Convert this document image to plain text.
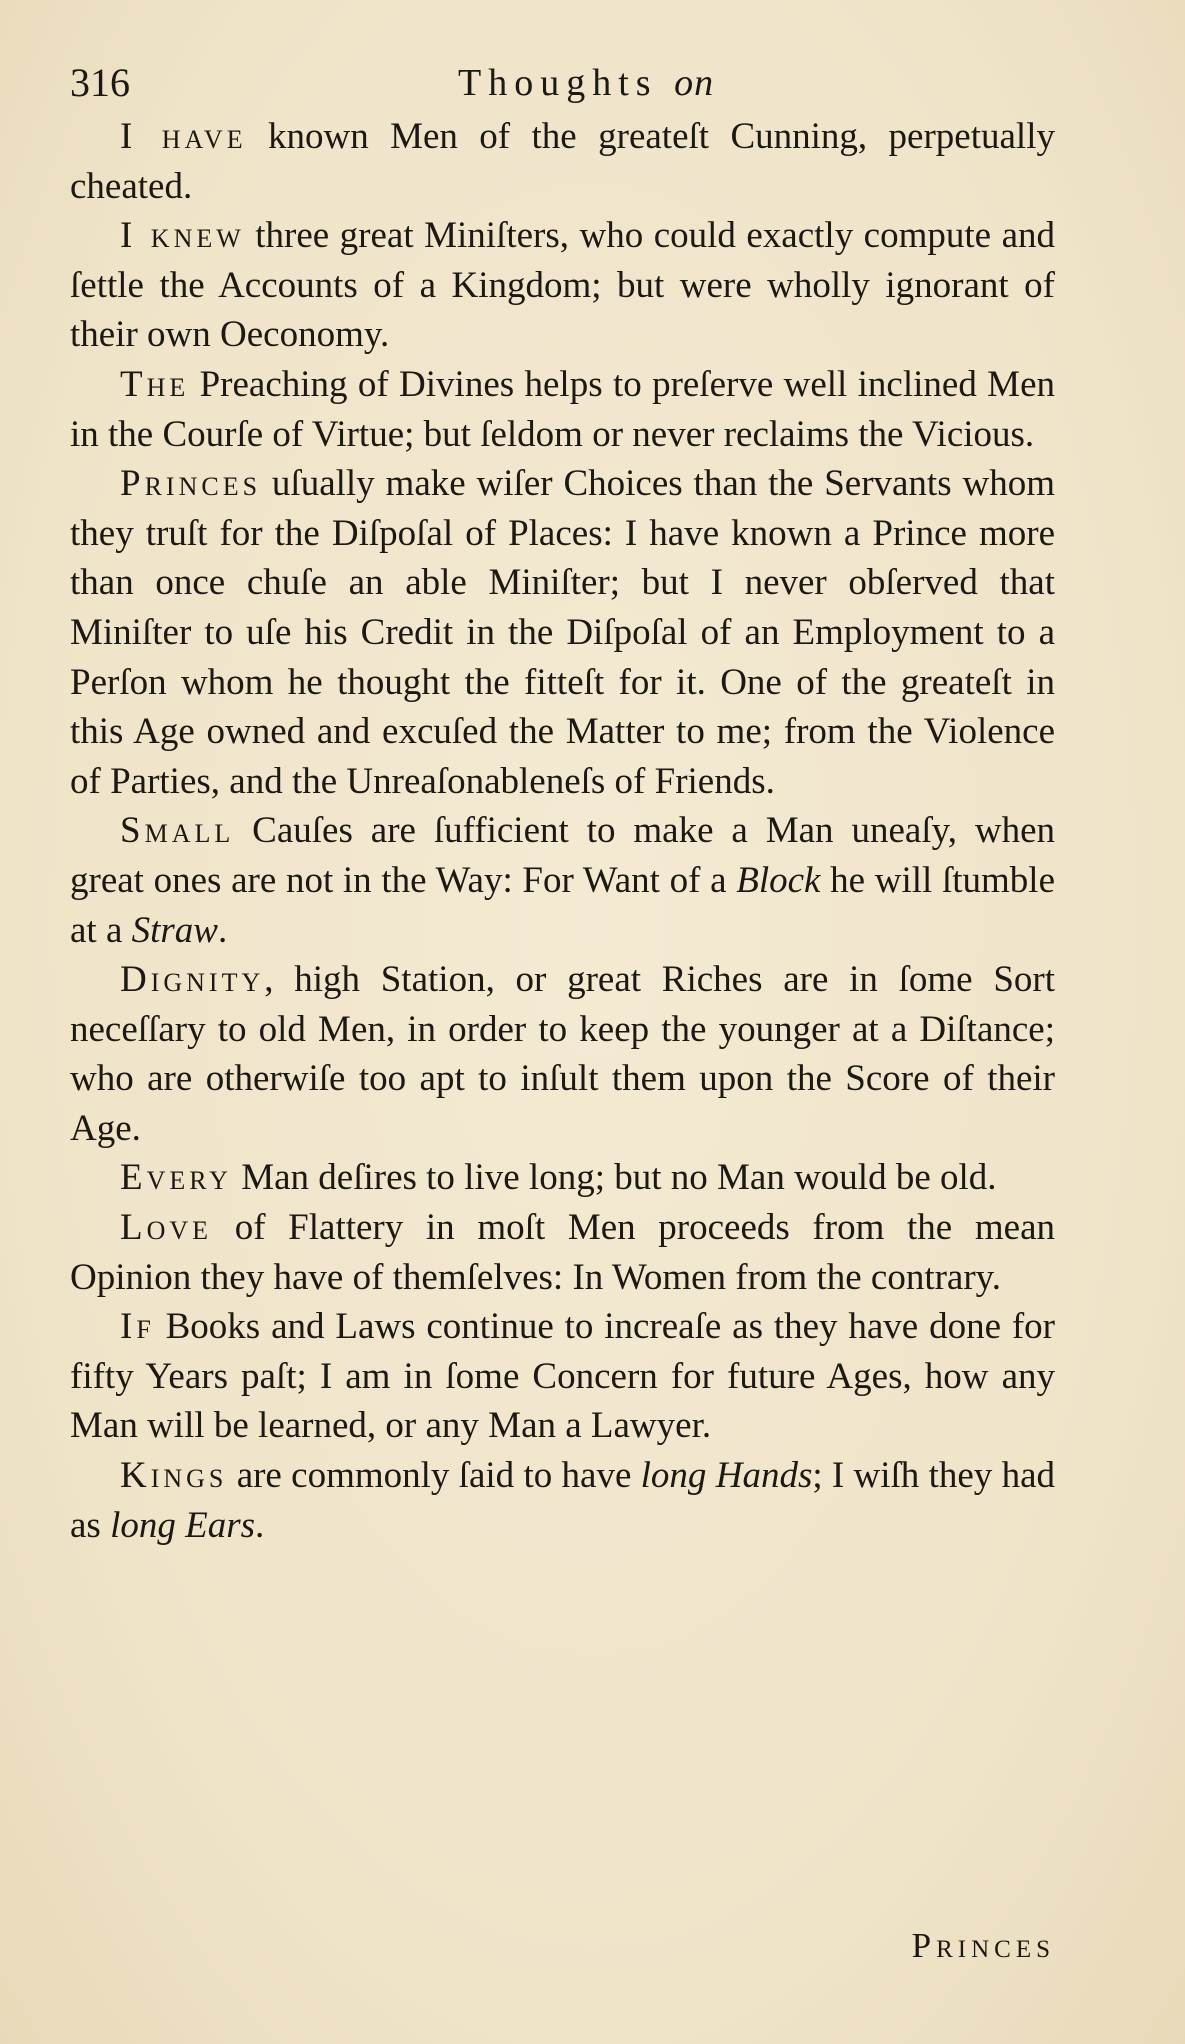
316	Thoughts on

I have known Men of the greateſt Cunning, perpetually cheated.

I knew three great Miniſters, who could exactly compute and ſettle the Accounts of a Kingdom; but were wholly ignorant of their own Oeconomy.

The Preaching of Divines helps to preſerve well inclined Men in the Courſe of Virtue; but ſeldom or never reclaims the Vicious.

Princes uſually make wiſer Choices than the Servants whom they truſt for the Diſpoſal of Places: I have known a Prince more than once chuſe an able Miniſter; but I never obſerved that Miniſter to uſe his Credit in the Diſpoſal of an Employment to a Perſon whom he thought the fitteſt for it. One of the greateſt in this Age owned and excuſed the Matter to me; from the Violence of Parties, and the Unreaſonableneſs of Friends.

Small Cauſes are ſufficient to make a Man uneaſy, when great ones are not in the Way: For Want of a Block he will ſtumble at a Straw.

Dignity, high Station, or great Riches are in ſome Sort neceſſary to old Men, in order to keep the younger at a Diſtance; who are otherwiſe too apt to inſult them upon the Score of their Age.

Every Man deſires to live long; but no Man would be old.

Love of Flattery in moſt Men proceeds from the mean Opinion they have of themſelves: In Women from the contrary.

If Books and Laws continue to increaſe as they have done for fifty Years paſt; I am in ſome Concern for future Ages, how any Man will be learned, or any Man a Lawyer.

Kings are commonly ſaid to have long Hands; I wiſh they had as long Ears.

Princes
